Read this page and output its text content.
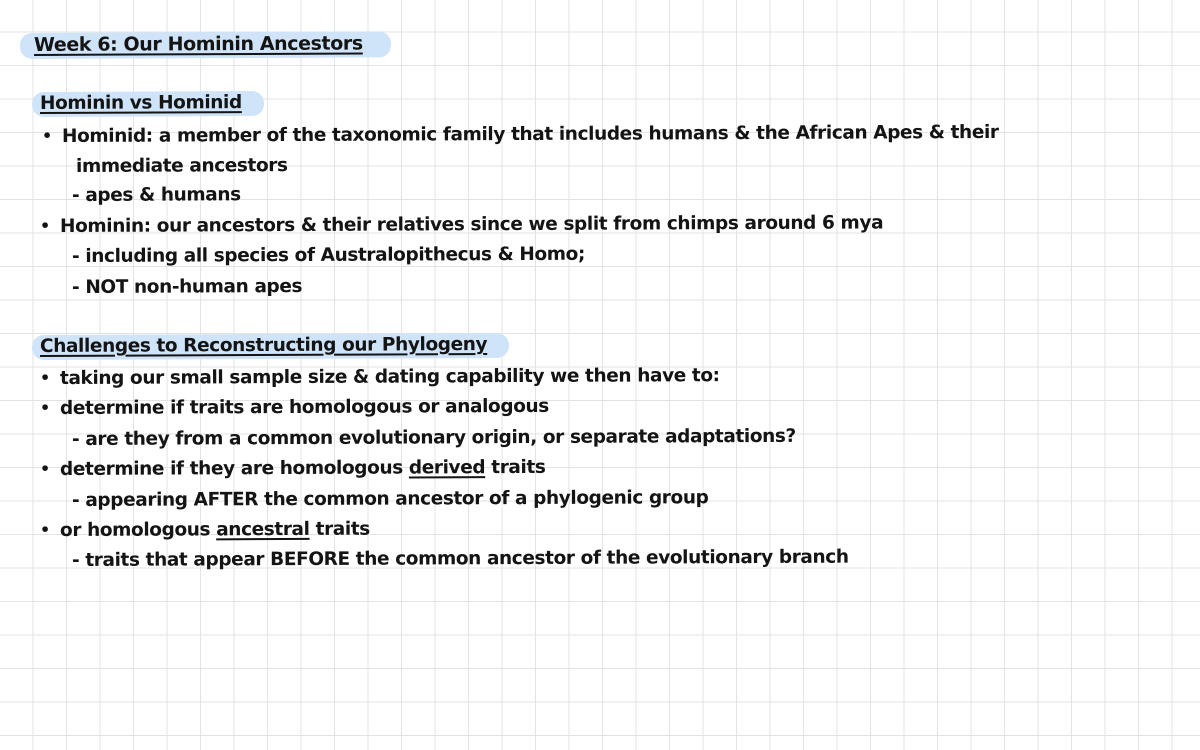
Week 6: Our Hominin Ancestors
Hominin vs Hominid
• Hominid: a member of the taxonomic family that includes humans & the African Apes & their
immediate ancestors
- apes & humans
• Hominin: our ancestors & their relatives since we split from chimps around 6 mya
- including all species of Australopithecus & Homo;
- NOT non-human apes
Challenges to Reconstructing our Phylogeny
• taking our small sample size & dating capability we then have to:
• determine if traits are homologous or analogous
- are they from a common evolutionary origin, or separate adaptations?
• determine if they are homologous derived traits
- appearing AFTER the common ancestor of a phylogenic group
• or homologous ancestral traits
- traits that appear BEFORE the common ancestor of the evolutionary branch
